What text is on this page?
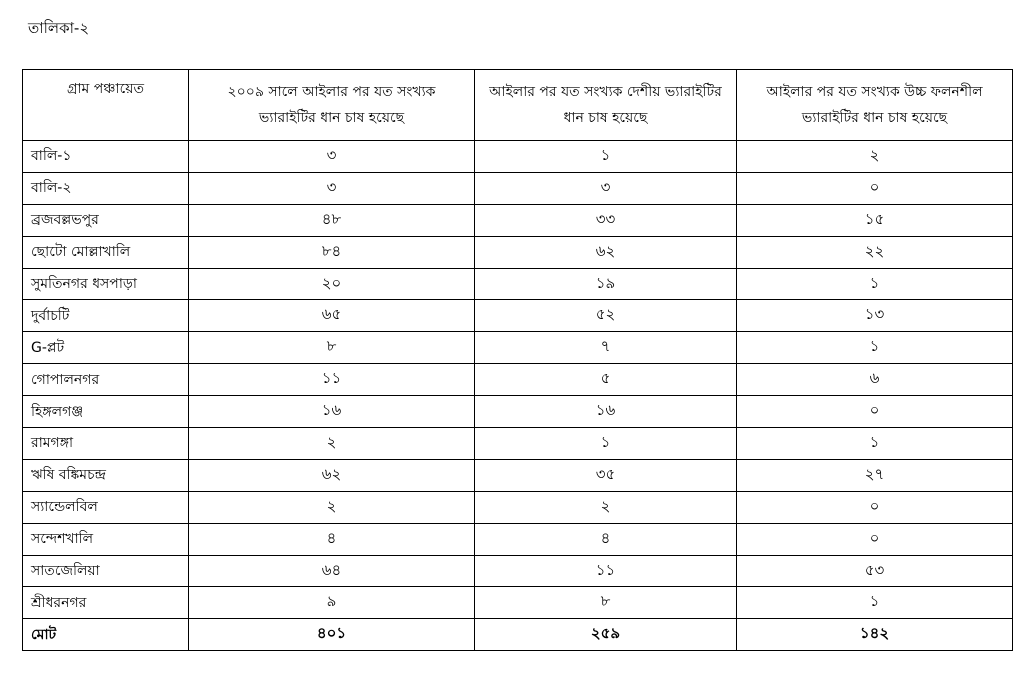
তালিকা-২
গ্রাম পঞ্চায়েত	২০০৯ সালে আইলার পর যত সংখ্যক ভ্যারাইটির ধান চাষ হয়েছে	আইলার পর যত সংখ্যক দেশীয় ভ্যারাইটির ধান চাষ হয়েছে	আইলার পর যত সংখ্যক উচ্চ ফলনশীল ভ্যারাইটির ধান চাষ হয়েছে
বালি-১	৩	১	২
বালি-২	৩	৩	০
ব্রজবল্লভপুর	৪৮	৩৩	১৫
ছোটো মোল্লাখালি	৮৪	৬২	২২
সুমতিনগর ধসপাড়া	২০	১৯	১
দুর্বাচটি	৬৫	৫২	১৩
G-প্লট	৮	৭	১
গোপালনগর	১১	৫	৬
হিঙ্গলগঞ্জ	১৬	১৬	০
রামগঙ্গা	২	১	১
ঋষি বঙ্কিমচন্দ্র	৬২	৩৫	২৭
স্যান্ডেলবিল	২	২	০
সন্দেশখালি	৪	৪	০
সাতজেলিয়া	৬৪	১১	৫৩
শ্রীধরনগর	৯	৮	১
মোট	৪০১	২৫৯	১৪২
